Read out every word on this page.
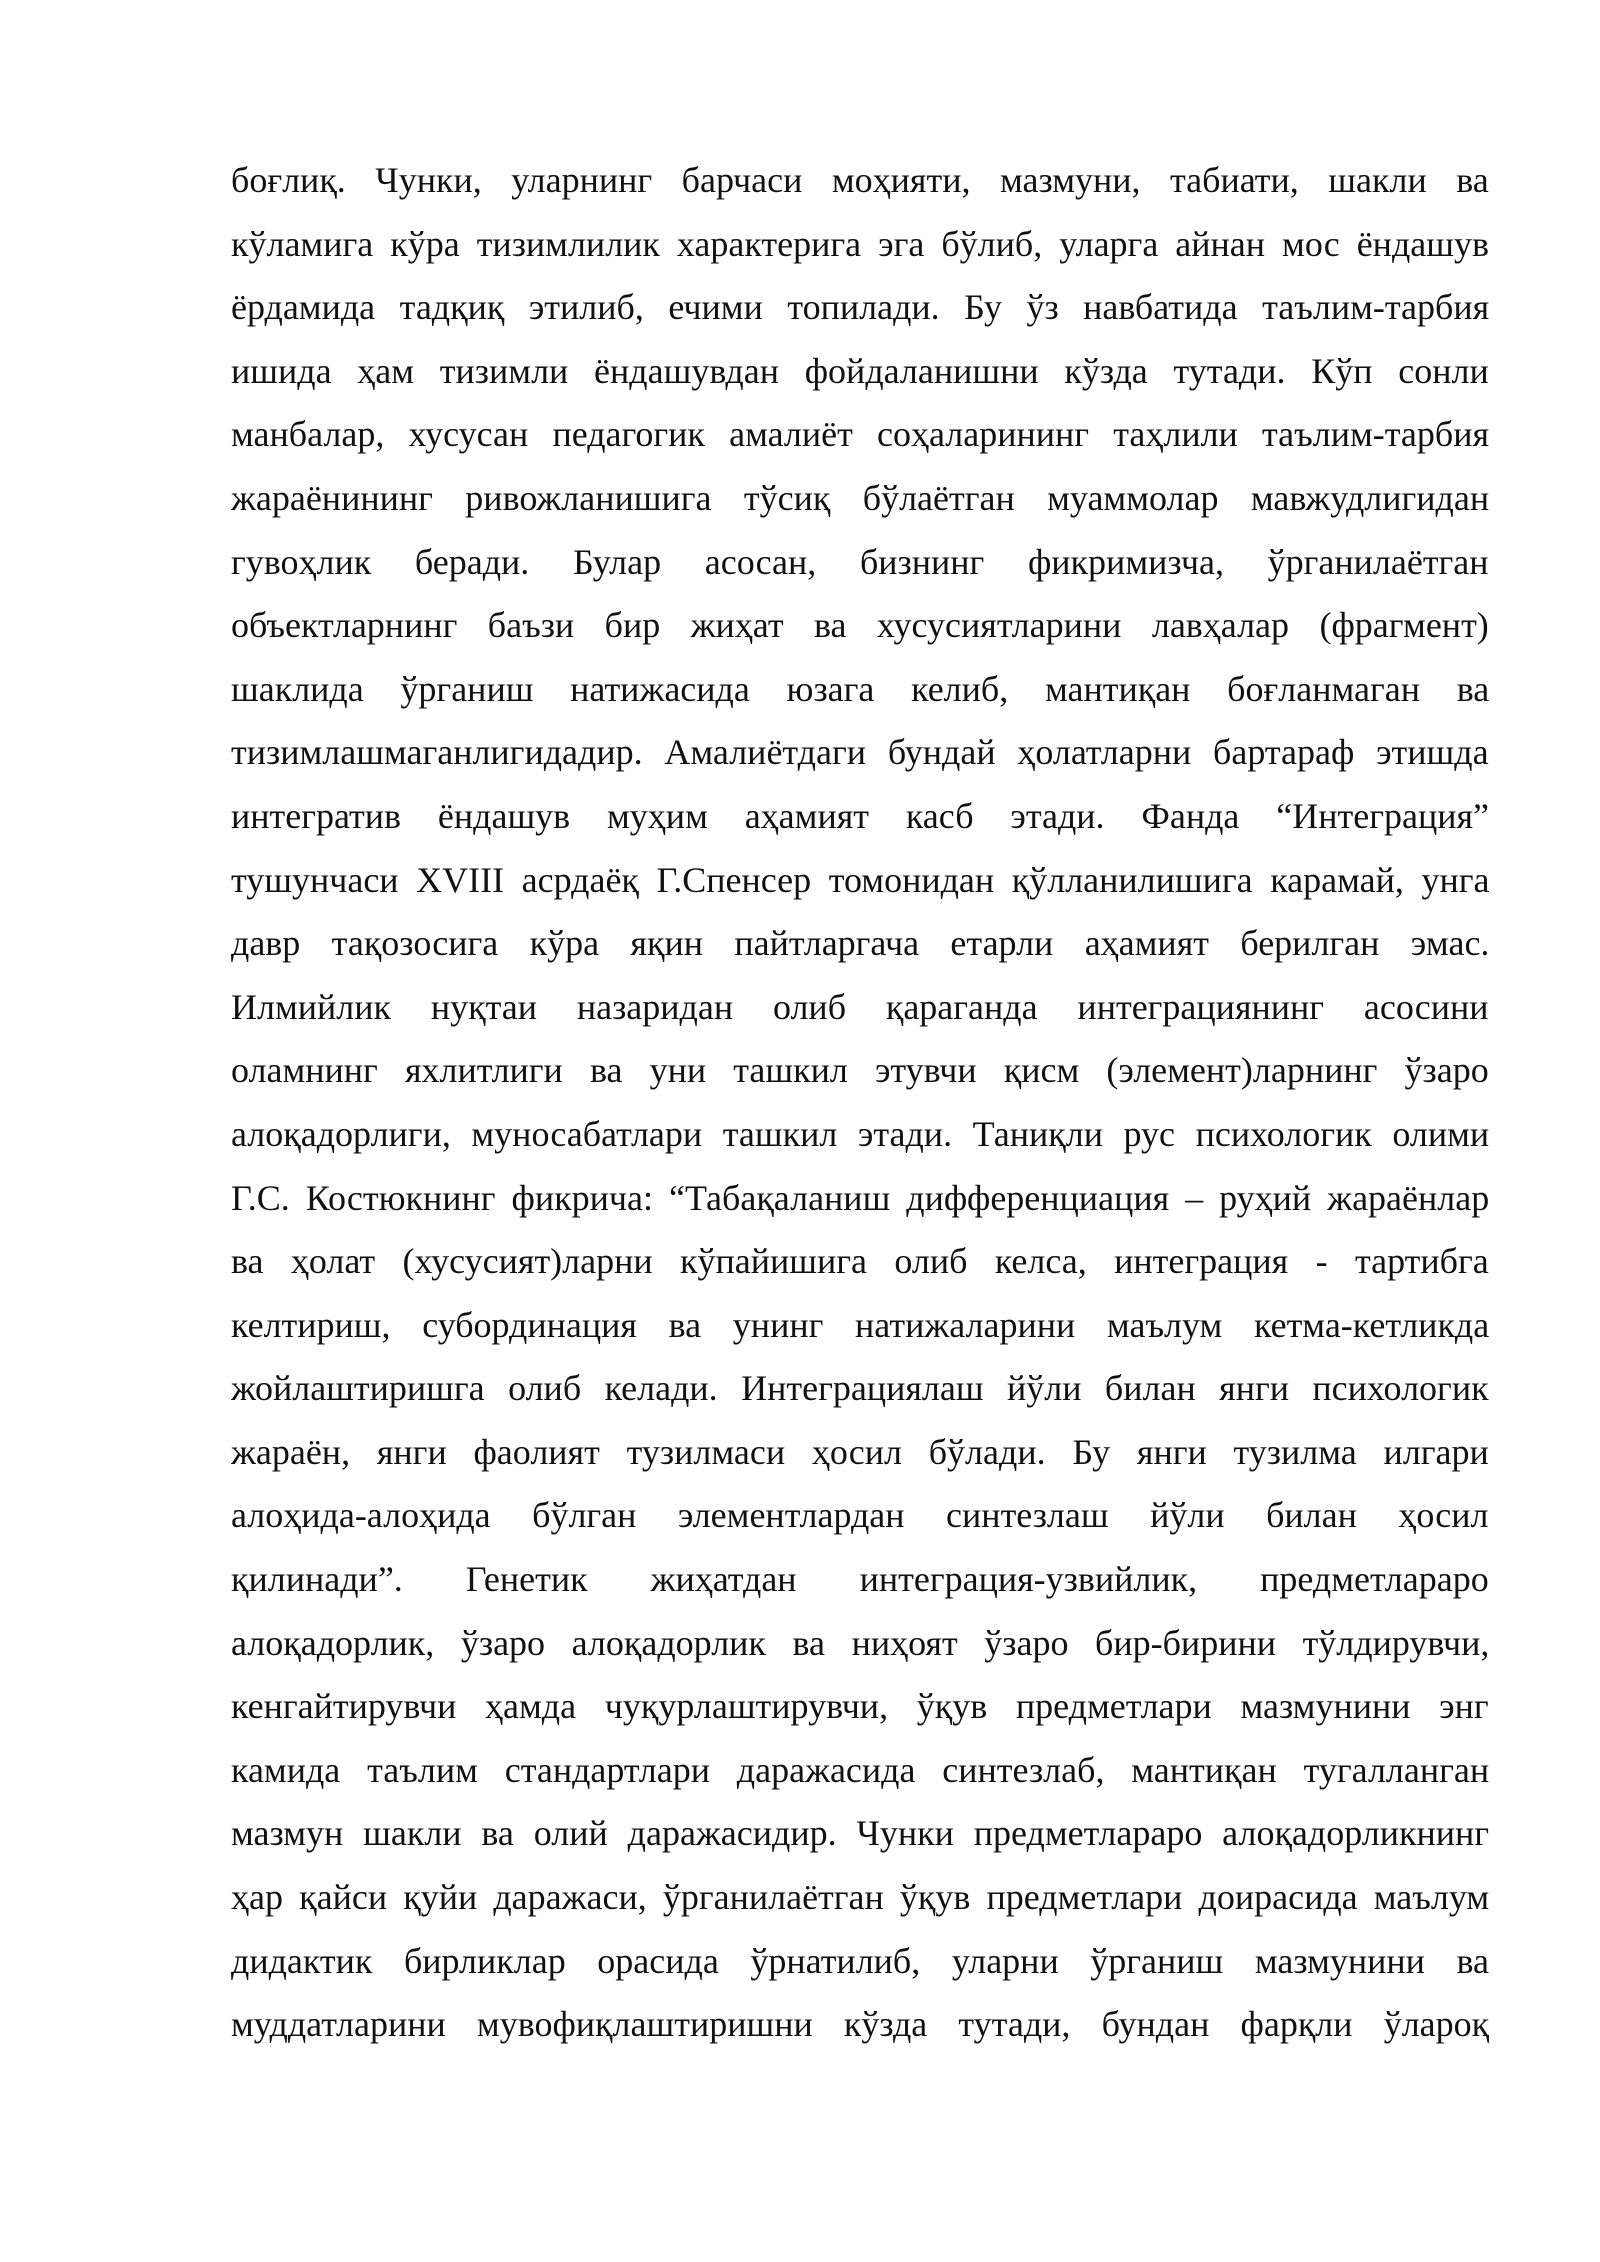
боғлиқ. Чунки, уларнинг барчаси моҳияти, мазмуни, табиати, шакли ва
кўламига кўра тизимлилик характерига эга бўлиб, уларга айнан мос ёндашув
ёрдамида тадқиқ этилиб, ечими топилади. Бу ўз навбатида таълим-тарбия
ишида ҳам тизимли ёндашувдан фойдаланишни кўзда тутади. Кўп сонли
манбалар, хусусан педагогик амалиёт соҳаларининг таҳлили таълим-тарбия
жараёнининг ривожланишига тўсиқ бўлаётган муаммолар мавжудлигидан
гувоҳлик беради. Булар асосан, бизнинг фикримизча, ўрганилаётган
объектларнинг баъзи бир жиҳат ва хусусиятларини лавҳалар (фрагмент)
шаклида ўрганиш натижасида юзага келиб, мантиқан боғланмаган ва
тизимлашмаганлигидадир. Амалиётдаги бундай ҳолатларни бартараф этишда
интегратив ёндашув муҳим аҳамият касб этади. Фанда “Интеграция”
тушунчаси XVIII асрдаёқ Г.Спенсер томонидан қўлланилишига карамай, унга
давр тақозосига кўра яқин пайтларгача етарли аҳамият берилган эмас.
Илмийлик нуқтаи назаридан олиб қараганда интеграциянинг асосини
оламнинг яхлитлиги ва уни ташкил этувчи қисм (элемент)ларнинг ўзаро
алоқадорлиги, муносабатлари ташкил этади. Таниқли рус психологик олими
Г.С. Костюкнинг фикрича: “Табақаланиш дифференциация – руҳий жараёнлар
ва ҳолат (хусусият)ларни кўпайишига олиб келса, интеграция - тартибга
келтириш, субординация ва унинг натижаларини маълум кетма-кетликда
жойлаштиришга олиб келади. Интеграциялаш йўли билан янги психологик
жараён, янги фаолият тузилмаси ҳосил бўлади. Бу янги тузилма илгари
алоҳида-алоҳида бўлган элементлардан синтезлаш йўли билан ҳосил
қилинади”. Генетик жиҳатдан интеграция-узвийлик, предметлараро
алоқадорлик, ўзаро алоқадорлик ва ниҳоят ўзаро бир-бирини тўлдирувчи,
кенгайтирувчи ҳамда чуқурлаштирувчи, ўқув предметлари мазмунини энг
камида таълим стандартлари даражасида синтезлаб, мантиқан тугалланган
мазмун шакли ва олий даражасидир. Чунки предметлараро алоқадорликнинг
ҳар қайси қуйи даражаси, ўрганилаётган ўқув предметлари доирасида маълум
дидактик бирликлар орасида ўрнатилиб, уларни ўрганиш мазмунини ва
муддатларини мувофиқлаштиришни кўзда тутади, бундан фарқли ўлароқ
